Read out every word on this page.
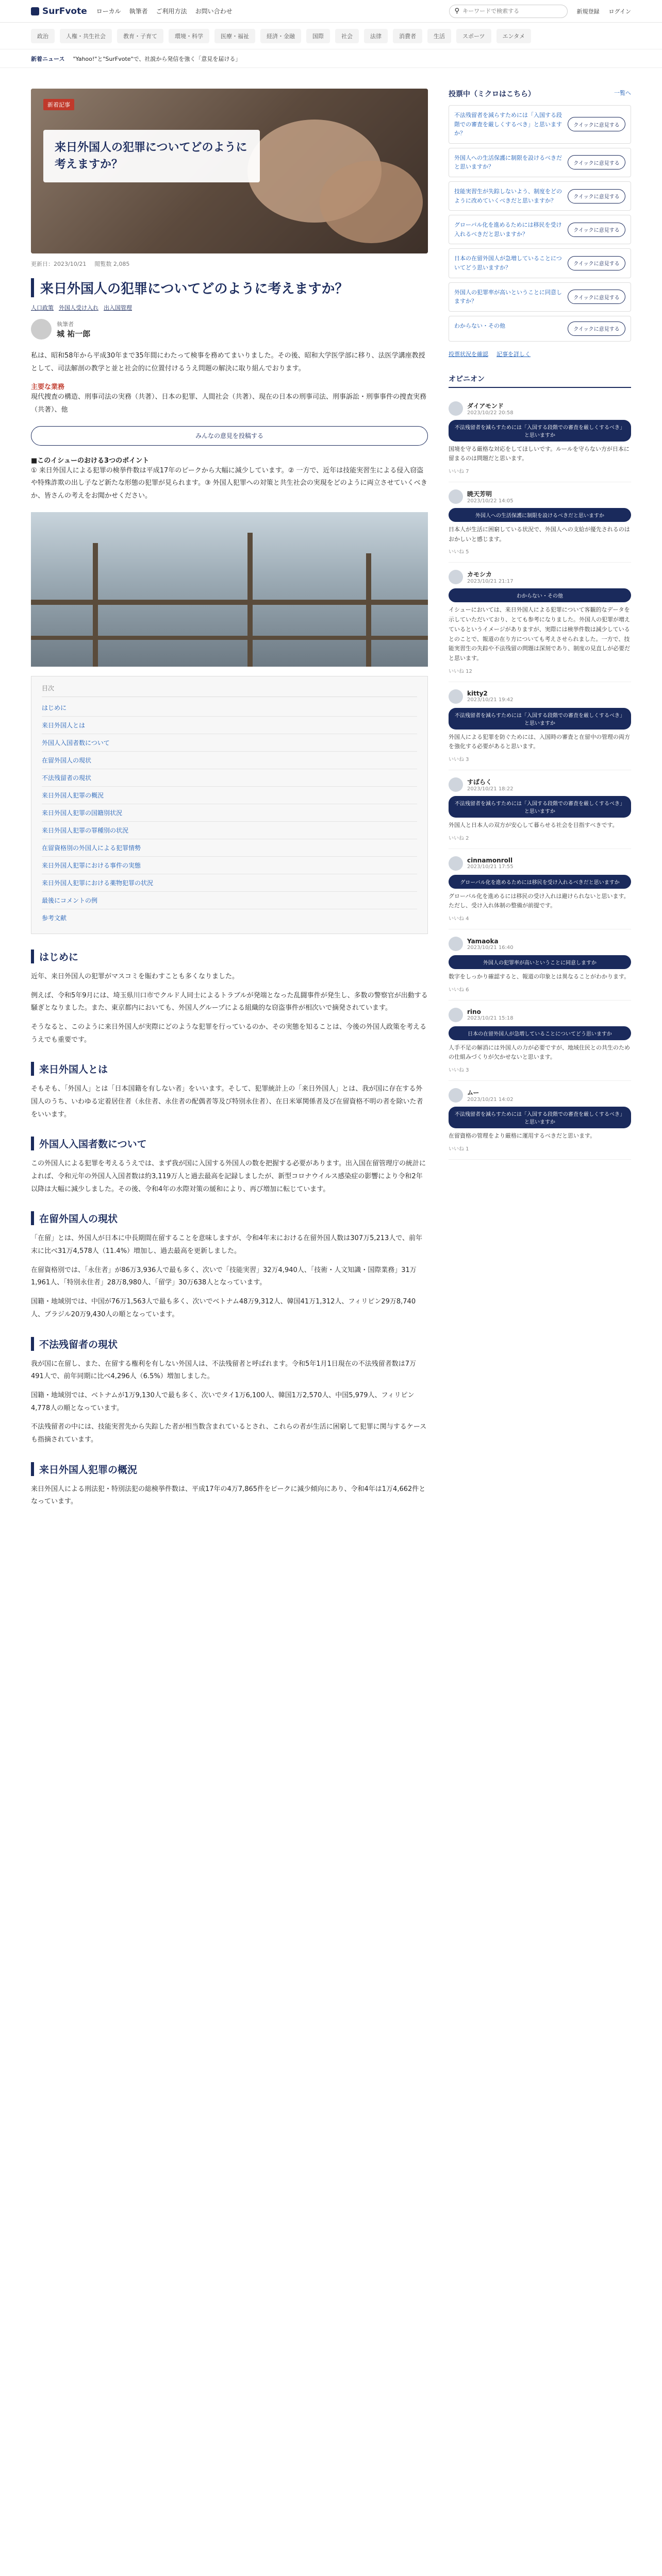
SurFvote ローカル 執筆者 ご利用方法 お問い合わせ	⚲
キーワードで検索する	新規登録 ログイン
政治	人権・共生社会	教育・子育て	環境・科学	医療・福祉	経済・金融	国際	社会	法律	消費者	生活	スポーツ	エンタメ
新着ニュース "Yahoo!"と"SurFvote"で、社説から発信を強く「意見を届ける」
新着記事
来日外国人の犯罪についてどのように考えますか？
更新日：2023/10/21 閲覧数 2,085
来日外国人の犯罪についてどのように考えますか？
人口政策 外国人受け入れ 出入国管理
執筆者
城 祐一郎

私は、昭和58年から平成30年まで35年間にわたって検事を務めてまいりました。その後、昭和大学医学部に移り、法医学講座教授として、司法解剖の教学と並と社会的に位置付けるうえ問題の解決に取り組んでおります。

主要な業務

現代捜査の構造、刑事司法の実務（共著）、日本の犯罪、人間社会（共著）、現在の日本の刑事司法、刑事訴訟・刑事事件の捜査実務（共著）、他

みんなの意見を投稿する
■このイシューのおける3つのポイント

① 来日外国人による犯罪の検挙件数は平成17年のピークから大幅に減少しています。② 一方で、近年は技能実習生による侵入窃盗や特殊詐欺の出し子など新たな形態の犯罪が見られます。③ 外国人犯罪への対策と共生社会の実現をどのように両立させていくべきか、皆さんの考えをお聞かせください。

目次
はじめに
来日外国人とは
外国人入国者数について
在留外国人の現状
不法残留者の現状
来日外国人犯罪の概況
来日外国人犯罪の国籍別状況
来日外国人犯罪の罪種別の状況
在留資格別の外国人による犯罪情勢
来日外国人犯罪における事件の実態
来日外国人犯罪における薬物犯罪の状況
最後にコメントの例
参考文献
はじめに

近年、来日外国人の犯罪がマスコミを賑わすことも多くなりました。

例えば、令和5年9月には、埼玉県川口市でクルド人同士によるトラブルが発端となった乱闘事件が発生し、多数の警察官が出動する騒ぎとなりました。また、東京都内においても、外国人グループによる組織的な窃盗事件が相次いで摘発されています。

そうなると、このように来日外国人が実際にどのような犯罪を行っているのか、その実態を知ることは、今後の外国人政策を考えるうえでも重要です。

来日外国人とは

そもそも、「外国人」とは「日本国籍を有しない者」をいいます。そして、犯罪統計上の「来日外国人」とは、我が国に存在する外国人のうち、いわゆる定着居住者（永住者、永住者の配偶者等及び特別永住者）、在日米軍関係者及び在留資格不明の者を除いた者をいいます。

外国人入国者数について

この外国人による犯罪を考えるうえでは、まず我が国に入国する外国人の数を把握する必要があります。出入国在留管理庁の統計によれば、令和元年の外国人入国者数は約3,119万人と過去最高を記録しましたが、新型コロナウイルス感染症の影響により令和2年以降は大幅に減少しました。その後、令和4年の水際対策の緩和により、再び増加に転じています。

在留外国人の現状

「在留」とは、外国人が日本に中長期間在留することを意味しますが、令和4年末における在留外国人数は307万5,213人で、前年末に比べ31万4,578人（11.4%）増加し、過去最高を更新しました。

在留資格別では、「永住者」が86万3,936人で最も多く、次いで「技能実習」32万4,940人、「技術・人文知識・国際業務」31万1,961人、「特別永住者」28万8,980人、「留学」30万638人となっています。

国籍・地域別では、中国が76万1,563人で最も多く、次いでベトナム48万9,312人、韓国41万1,312人、フィリピン29万8,740人、ブラジル20万9,430人の順となっています。

不法残留者の現状

我が国に在留し、また、在留する権利を有しない外国人は、不法残留者と呼ばれます。令和5年1月1日現在の不法残留者数は7万491人で、前年同期に比べ4,296人（6.5%）増加しました。

国籍・地域別では、ベトナムが1万9,130人で最も多く、次いでタイ1万6,100人、韓国1万2,570人、中国5,979人、フィリピン4,778人の順となっています。

不法残留者の中には、技能実習先から失踪した者が相当数含まれているとされ、これらの者が生活に困窮して犯罪に関与するケースも指摘されています。

来日外国人犯罪の概況

来日外国人による刑法犯・特別法犯の総検挙件数は、平成17年の4万7,865件をピークに減少傾向にあり、令和4年は1万4,662件となっています。

投票中（ミクロはこちら）	一覧へ
不法残留者を減らすためには「入国する段階での審査を厳しくするべき」と思いますか？
クイックに意見する
外国人への生活保護に制限を設けるべきだと思いますか？	クイックに意見する
技能実習生が失踪しないよう、制度をどのように改めていくべきだと思いますか？	クイックに意見する
グローバル化を進めるためには移民を受け入れるべきだと思いますか？	クイックに意見する
日本の在留外国人が急増していることについてどう思いますか？	クイックに意見する
外国人の犯罪率が高いということに同意しますか？	クイックに意見する
わからない・その他
クイックに意見する
投票状況を確認 記事を詳しく
オピニオン
ダイアモンド
2023/10/22 20:58
不法残留者を減らすためには「入国する段階での審査を厳しくするべき」と思いますか
国境を守る厳格な対応をしてほしいです。ルールを守らない方が日本に留まるのは問題だと思います。
いいね 7
暁天芳明
2023/10/22 14:05
外国人への生活保護に制限を設けるべきだと思いますか
日本人が生活に困窮している状況で、外国人への支給が優先されるのはおかしいと感じます。
いいね 5
カモシカ
2023/10/21 21:17
わからない・その他
イシューにおいては、来日外国人による犯罪について客観的なデータを示していただいており、とても参考になりました。外国人の犯罪が増えているというイメージがありますが、実際には検挙件数は減少しているとのことで、報道の在り方についても考えさせられました。一方で、技能実習生の失踪や不法残留の問題は深刻であり、制度の見直しが必要だと思います。
いいね 12
kitty2
2023/10/21 19:42
不法残留者を減らすためには「入国する段階での審査を厳しくするべき」と思いますか
外国人による犯罪を防ぐためには、入国時の審査と在留中の管理の両方を強化する必要があると思います。
いいね 3
すばらく
2023/10/21 18:22
不法残留者を減らすためには「入国する段階での審査を厳しくするべき」と思いますか
外国人と日本人の双方が安心して暮らせる社会を目指すべきです。
いいね 2
cinnamonroll
2023/10/21 17:55
グローバル化を進めるためには移民を受け入れるべきだと思いますか
グローバル化を進めるには移民の受け入れは避けられないと思います。ただし、受け入れ体制の整備が前提です。
いいね 4
Yamaoka
2023/10/21 16:40
外国人の犯罪率が高いということに同意しますか
数字をしっかり確認すると、報道の印象とは異なることがわかります。
いいね 6
rino
2023/10/21 15:18
日本の在留外国人が急増していることについてどう思いますか
人手不足の解消には外国人の力が必要ですが、地域住民との共生のための仕組みづくりが欠かせないと思います。
いいね 3
ムー
2023/10/21 14:02
不法残留者を減らすためには「入国する段階での審査を厳しくするべき」と思いますか
在留資格の管理をより厳格に運用するべきだと思います。
いいね 1
